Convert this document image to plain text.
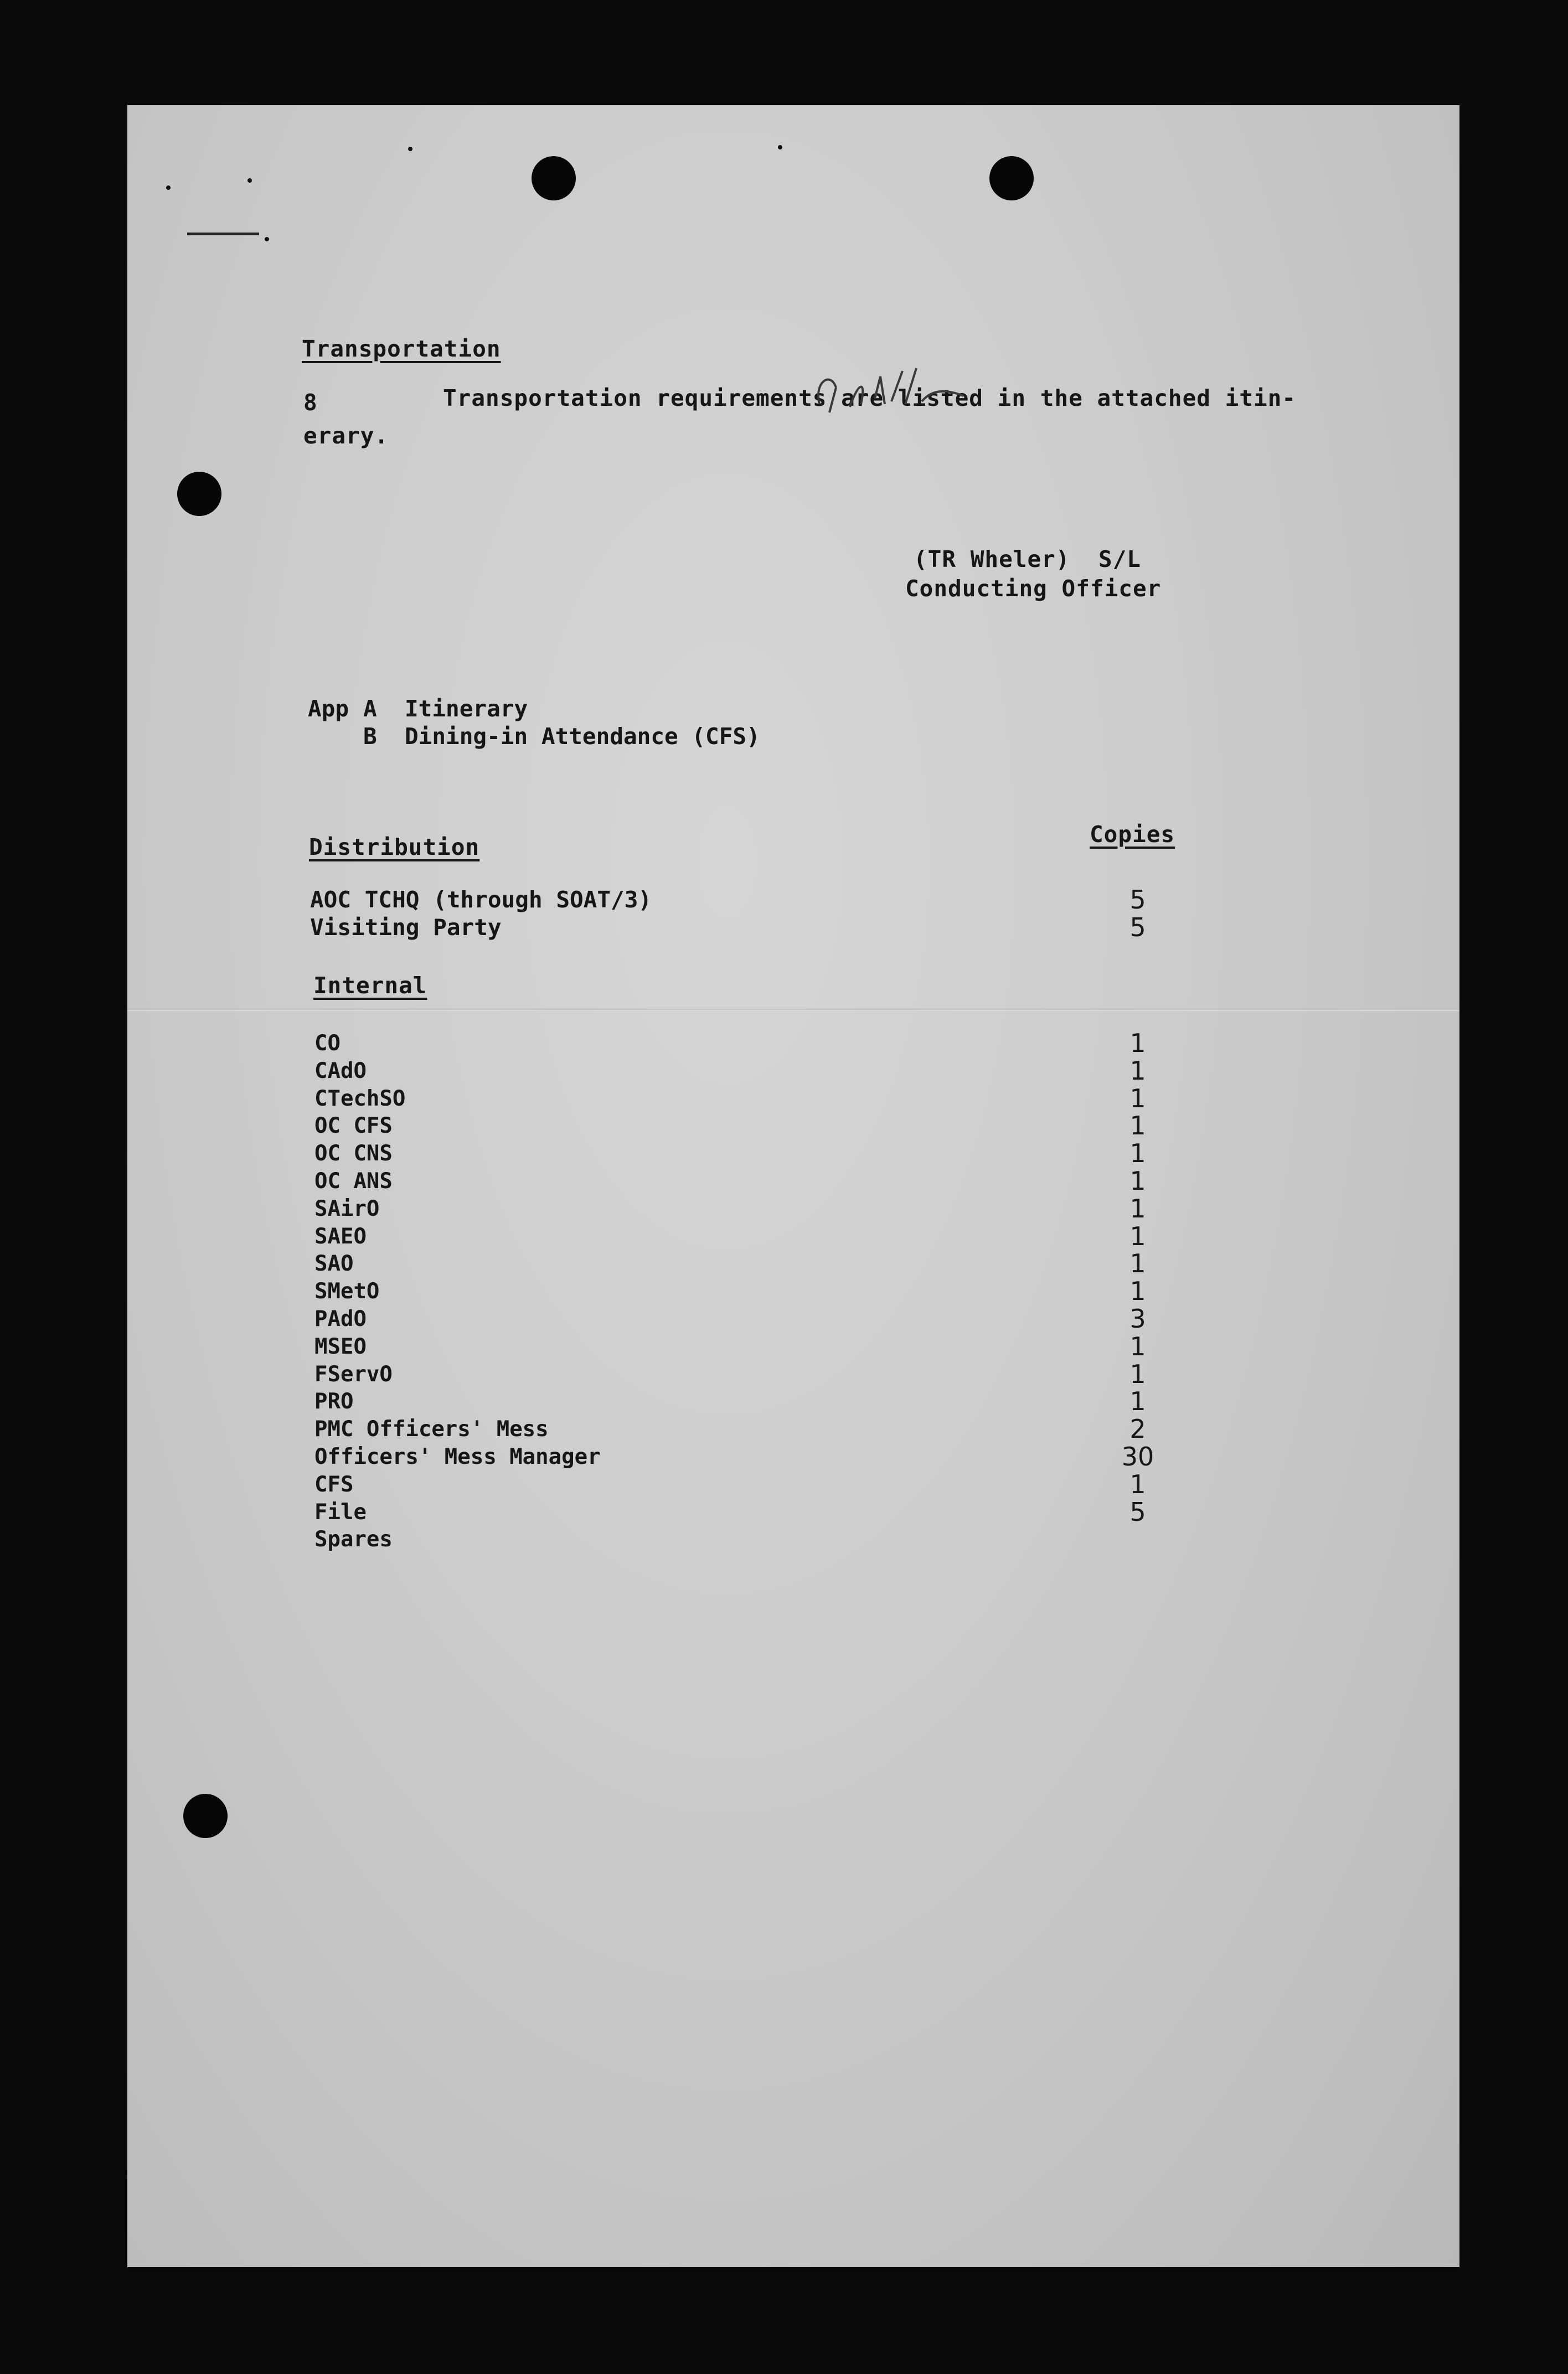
Transportation
8	Transportation requirements are listed in the attached itin-
erary.
(TR Wheler)  S/L
Conducting Officer
App A	Itinerary
B	Dining-in Attendance (CFS)
Distribution	Copies
AOC TCHQ (through SOAT/3)	5
Visiting Party	5
Internal
CO	1
CAdO	1
CTechSO	1
OC CFS	1
OC CNS	1
OC ANS	1
SAirO	1
SAEO	1
SAO	1
SMetO	1
PAdO	3
MSEO	1
FServO	1
PRO	1
PMC Officers' Mess	2
Officers' Mess Manager	30
CFS	1
File	5
Spares
